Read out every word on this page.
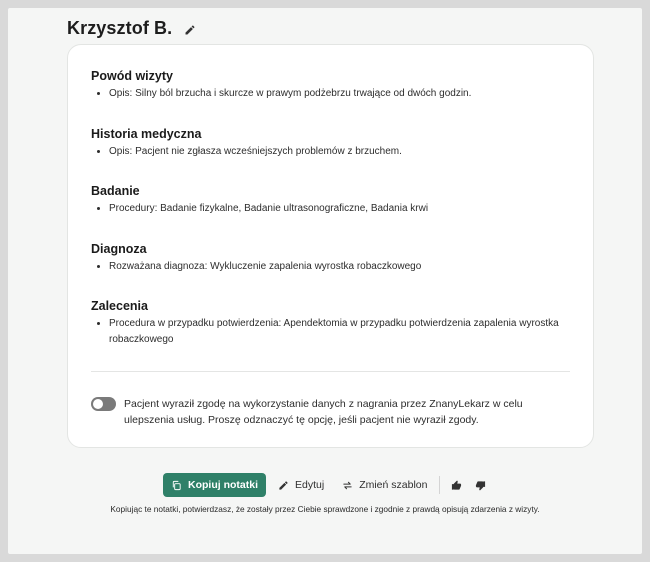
Krzysztof B.
Powód wizyty
• Opis: Silny ból brzucha i skurcze w prawym podżebrzu trwające od dwóch godzin.
Historia medyczna
• Opis: Pacjent nie zgłasza wcześniejszych problemów z brzuchem.
Badanie
• Procedury: Badanie fizykalne, Badanie ultrasonograficzne, Badania krwi
Diagnoza
• Rozważana diagnoza: Wykluczenie zapalenia wyrostka robaczkowego
Zalecenia
• Procedura w przypadku potwierdzenia: Apendektomia w przypadku potwierdzenia zapalenia wyrostka robaczkowego
Pacjent wyraził zgodę na wykorzystanie danych z nagrania przez ZnanyLekarz w celu ulepszenia usług. Proszę odznaczyć tę opcję, jeśli pacjent nie wyraził zgody.
Kopiuj notatki	Edytuj	Zmień szablon
Kopiując te notatki, potwierdzasz, że zostały przez Ciebie sprawdzone i zgodnie z prawdą opisują zdarzenia z wizyty.
